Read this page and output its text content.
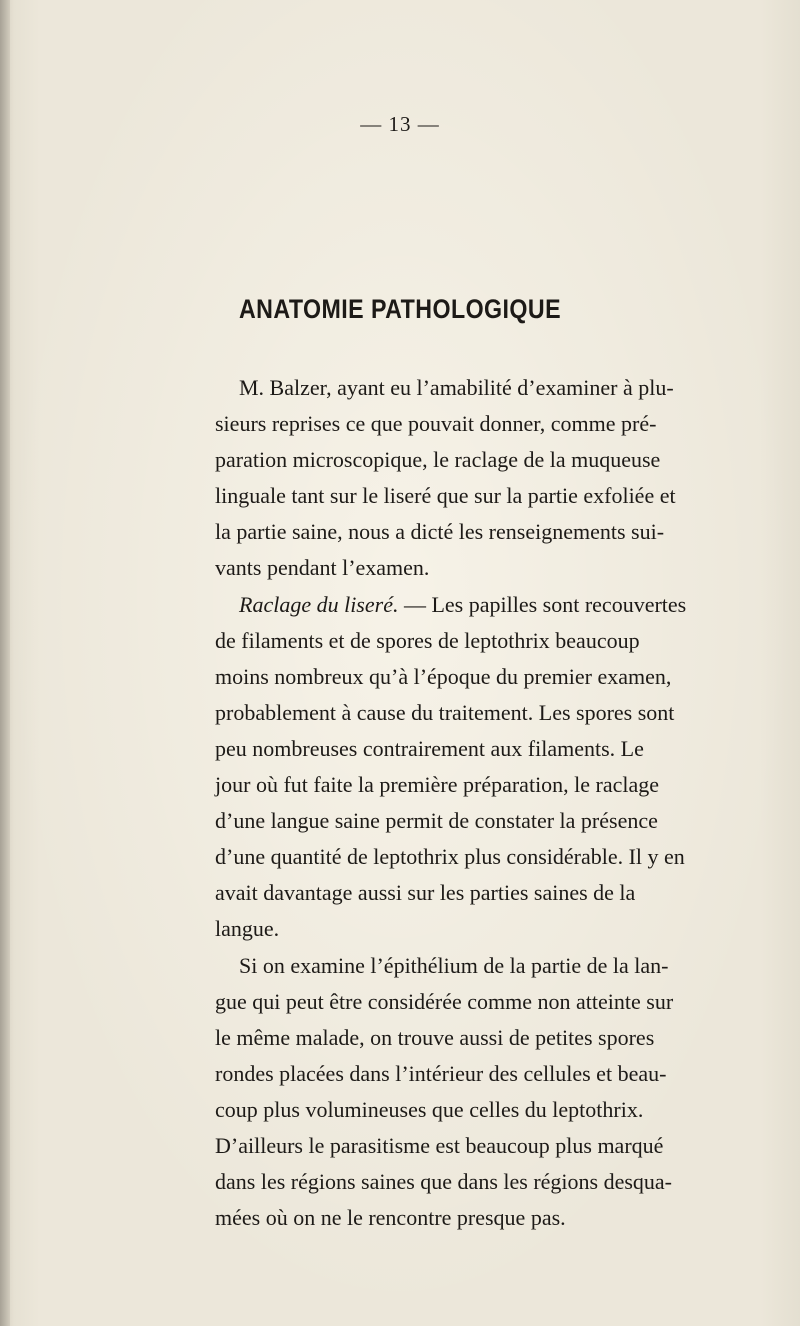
— 13 —
ANATOMIE PATHOLOGIQUE
M. Balzer, ayant eu l’amabilité d’examiner à plu-
sieurs reprises ce que pouvait donner, comme pré-
paration microscopique, le raclage de la muqueuse
linguale tant sur le liseré que sur la partie exfoliée et
la partie saine, nous a dicté les renseignements sui-
vants pendant l’examen.
Raclage du liseré. — Les papilles sont recouvertes
de filaments et de spores de leptothrix beaucoup
moins nombreux qu’à l’époque du premier examen,
probablement à cause du traitement. Les spores sont
peu nombreuses contrairement aux filaments. Le
jour où fut faite la première préparation, le raclage
d’une langue saine permit de constater la présence
d’une quantité de leptothrix plus considérable. Il y en
avait davantage aussi sur les parties saines de la
langue.
Si on examine l’épithélium de la partie de la lan-
gue qui peut être considérée comme non atteinte sur
le même malade, on trouve aussi de petites spores
rondes placées dans l’intérieur des cellules et beau-
coup plus volumineuses que celles du leptothrix.
D’ailleurs le parasitisme est beaucoup plus marqué
dans les régions saines que dans les régions desqua-
mées où on ne le rencontre presque pas.
